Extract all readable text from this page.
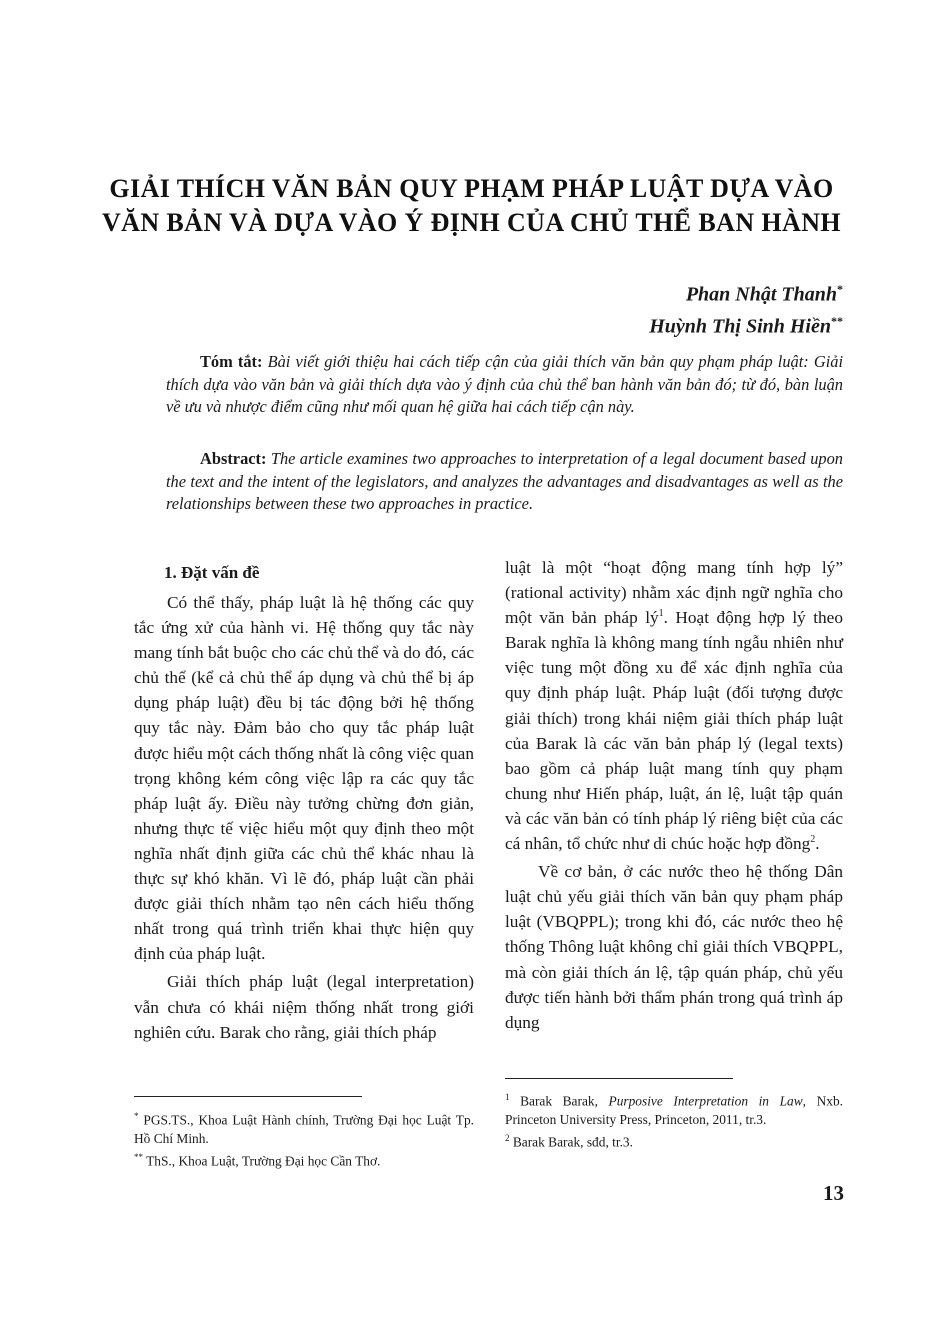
GIẢI THÍCH VĂN BẢN QUY PHẠM PHÁP LUẬT DỰA VÀO
VĂN BẢN VÀ DỰA VÀO Ý ĐỊNH CỦA CHỦ THỂ BAN HÀNH
Phan Nhật Thanh*
Huỳnh Thị Sinh Hiền**
Tóm tắt: Bài viết giới thiệu hai cách tiếp cận của giải thích văn bản quy phạm pháp luật: Giải thích dựa vào văn bản và giải thích dựa vào ý định của chủ thể ban hành văn bản đó; từ đó, bàn luận về ưu và nhược điểm cũng như mối quan hệ giữa hai cách tiếp cận này.
Abstract: The article examines two approaches to interpretation of a legal document based upon the text and the intent of the legislators, and analyzes the advantages and disadvantages as well as the relationships between these two approaches in practice.
1. Đặt vấn đề

Có thể thấy, pháp luật là hệ thống các quy tắc ứng xử của hành vi. Hệ thống quy tắc này mang tính bắt buộc cho các chủ thể và do đó, các chủ thể (kể cả chủ thể áp dụng và chủ thể bị áp dụng pháp luật) đều bị tác động bởi hệ thống quy tắc này. Đảm bảo cho quy tắc pháp luật được hiểu một cách thống nhất là công việc quan trọng không kém công việc lập ra các quy tắc pháp luật ấy. Điều này tưởng chừng đơn giản, nhưng thực tế việc hiểu một quy định theo một nghĩa nhất định giữa các chủ thể khác nhau là thực sự khó khăn. Vì lẽ đó, pháp luật cần phải được giải thích nhằm tạo nên cách hiểu thống nhất trong quá trình triển khai thực hiện quy định của pháp luật.

Giải thích pháp luật (legal interpretation) vẫn chưa có khái niệm thống nhất trong giới nghiên cứu. Barak cho rằng, giải thích pháp

luật là một “hoạt động mang tính hợp lý” (rational activity) nhằm xác định ngữ nghĩa cho một văn bản pháp lý$^1$. Hoạt động hợp lý theo Barak nghĩa là không mang tính ngẫu nhiên như việc tung một đồng xu để xác định nghĩa của quy định pháp luật. Pháp luật (đối tượng được giải thích) trong khái niệm giải thích pháp luật của Barak là các văn bản pháp lý (legal texts) bao gồm cả pháp luật mang tính quy phạm chung như Hiến pháp, luật, án lệ, luật tập quán và các văn bản có tính pháp lý riêng biệt của các cá nhân, tổ chức như di chúc hoặc hợp đồng$^2$.

Về cơ bản, ở các nước theo hệ thống Dân luật chủ yếu giải thích văn bản quy phạm pháp luật (VBQPPL); trong khi đó, các nước theo hệ thống Thông luật không chỉ giải thích VBQPPL, mà còn giải thích án lệ, tập quán pháp, chủ yếu được tiến hành bởi thẩm phán trong quá trình áp dụng

* PGS.TS., Khoa Luật Hành chính, Trường Đại học Luật Tp. Hồ Chí Minh.
** ThS., Khoa Luật, Trường Đại học Cần Thơ.
$^1$ Barak Barak, Purposive Interpretation in Law, Nxb. Princeton University Press, Princeton, 2011, tr.3.
$^2$ Barak Barak, sđd, tr.3.
13
